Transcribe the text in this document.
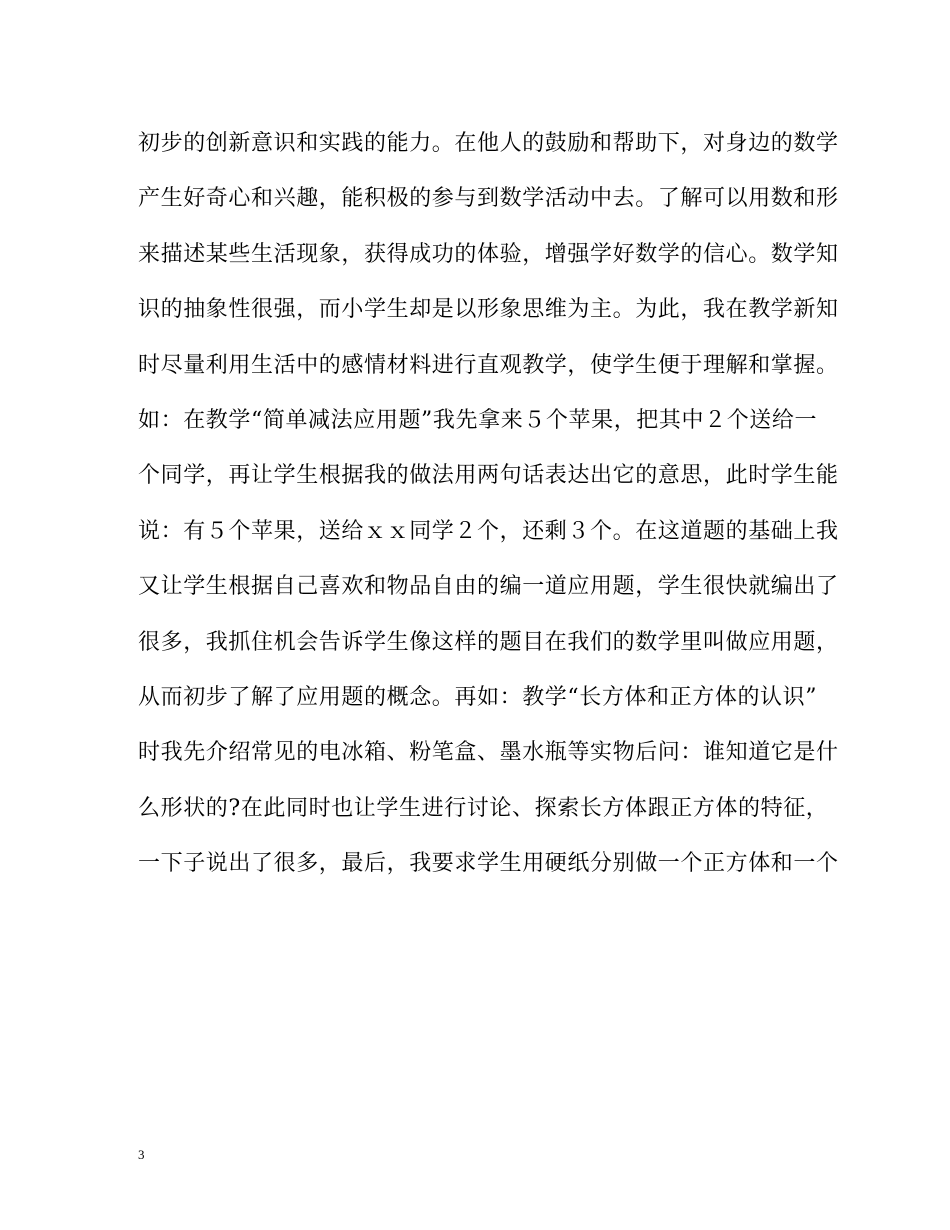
初步的创新意识和实践的能力。在他人的鼓励和帮助下，对身边的数学
产生好奇心和兴趣，能积极的参与到数学活动中去。了解可以用数和形
来描述某些生活现象，获得成功的体验，增强学好数学的信心。数学知
识的抽象性很强，而小学生却是以形象思维为主。为此，我在教学新知
时尽量利用生活中的感情材料进行直观教学，使学生便于理解和掌握。
如：在教学“简单减法应用题”我先拿来５个苹果，把其中２个送给一
个同学，再让学生根据我的做法用两句话表达出它的意思，此时学生能
说：有５个苹果，送给ｘｘ同学２个，还剩３个。在这道题的基础上我
又让学生根据自己喜欢和物品自由的编一道应用题，学生很快就编出了
很多，我抓住机会告诉学生像这样的题目在我们的数学里叫做应用题，
从而初步了解了应用题的概念。再如：教学“长方体和正方体的认识”
时我先介绍常见的电冰箱、粉笔盒、墨水瓶等实物后问：谁知道它是什
么形状的?在此同时也让学生进行讨论、探索长方体跟正方体的特征，
一下子说出了很多，最后，我要求学生用硬纸分别做一个正方体和一个
3
